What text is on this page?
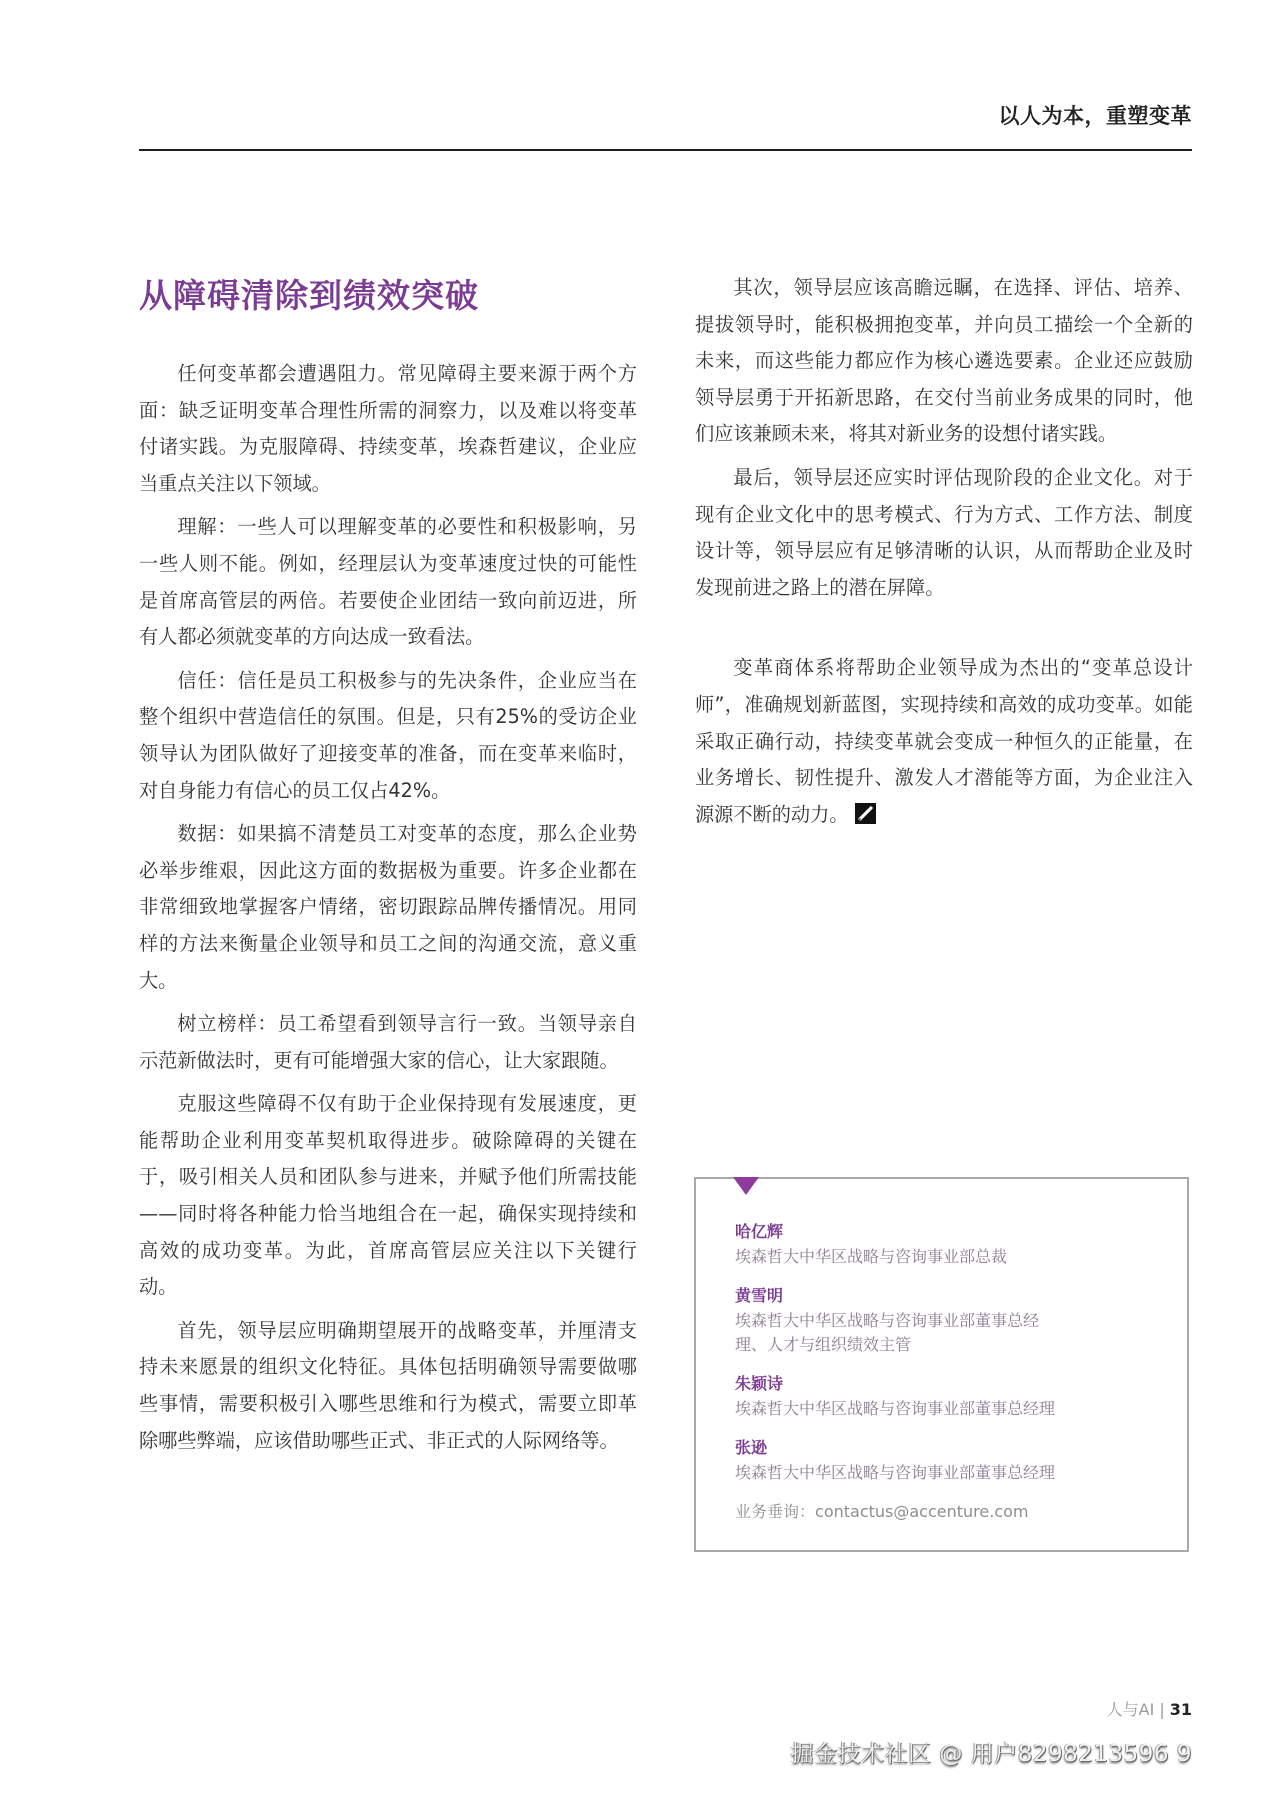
以人为本，重塑变革
从障碍清除到绩效突破

任何变革都会遭遇阻力。常见障碍主要来源于两个方面：缺乏证明变革合理性所需的洞察力，以及难以将变革付诸实践。为克服障碍、持续变革，埃森哲建议，企业应当重点关注以下领域。

理解：一些人可以理解变革的必要性和积极影响，另一些人则不能。例如，经理层认为变革速度过快的可能性是首席高管层的两倍。若要使企业团结一致向前迈进，所有人都必须就变革的方向达成一致看法。

信任：信任是员工积极参与的先决条件，企业应当在整个组织中营造信任的氛围。但是，只有25%的受访企业领导认为团队做好了迎接变革的准备，而在变革来临时，对自身能力有信心的员工仅占42%。

数据：如果搞不清楚员工对变革的态度，那么企业势必举步维艰，因此这方面的数据极为重要。许多企业都在非常细致地掌握客户情绪，密切跟踪品牌传播情况。用同样的方法来衡量企业领导和员工之间的沟通交流，意义重大。

树立榜样：员工希望看到领导言行一致。当领导亲自示范新做法时，更有可能增强大家的信心，让大家跟随。

克服这些障碍不仅有助于企业保持现有发展速度，更能帮助企业利用变革契机取得进步。破除障碍的关键在于，吸引相关人员和团队参与进来，并赋予他们所需技能——同时将各种能力恰当地组合在一起，确保实现持续和高效的成功变革。为此，首席高管层应关注以下关键行动。

首先，领导层应明确期望展开的战略变革，并厘清支持未来愿景的组织文化特征。具体包括明确领导需要做哪些事情，需要积极引入哪些思维和行为模式，需要立即革除哪些弊端，应该借助哪些正式、非正式的人际网络等。

其次，领导层应该高瞻远瞩，在选择、评估、培养、提拔领导时，能积极拥抱变革，并向员工描绘一个全新的未来，而这些能力都应作为核心遴选要素。企业还应鼓励领导层勇于开拓新思路，在交付当前业务成果的同时，他们应该兼顾未来，将其对新业务的设想付诸实践。

最后，领导层还应实时评估现阶段的企业文化。对于现有企业文化中的思考模式、行为方式、工作方法、制度设计等，领导层应有足够清晰的认识，从而帮助企业及时发现前进之路上的潜在屏障。

变革商体系将帮助企业领导成为杰出的“变革总设计师”，准确规划新蓝图，实现持续和高效的成功变革。如能采取正确行动，持续变革就会变成一种恒久的正能量，在业务增长、韧性提升、激发人才潜能等方面，为企业注入源源不断的动力。

哈亿辉
埃森哲大中华区战略与咨询事业部总裁
黄雪明
埃森哲大中华区战略与咨询事业部董事总经理、人才与组织绩效主管
朱颖诗
埃森哲大中华区战略与咨询事业部董事总经理
张逊
埃森哲大中华区战略与咨询事业部董事总经理
业务垂询：contactus@accenture.com
人与AI | 31
掘金技术社区 @ 用户8298213596 9
